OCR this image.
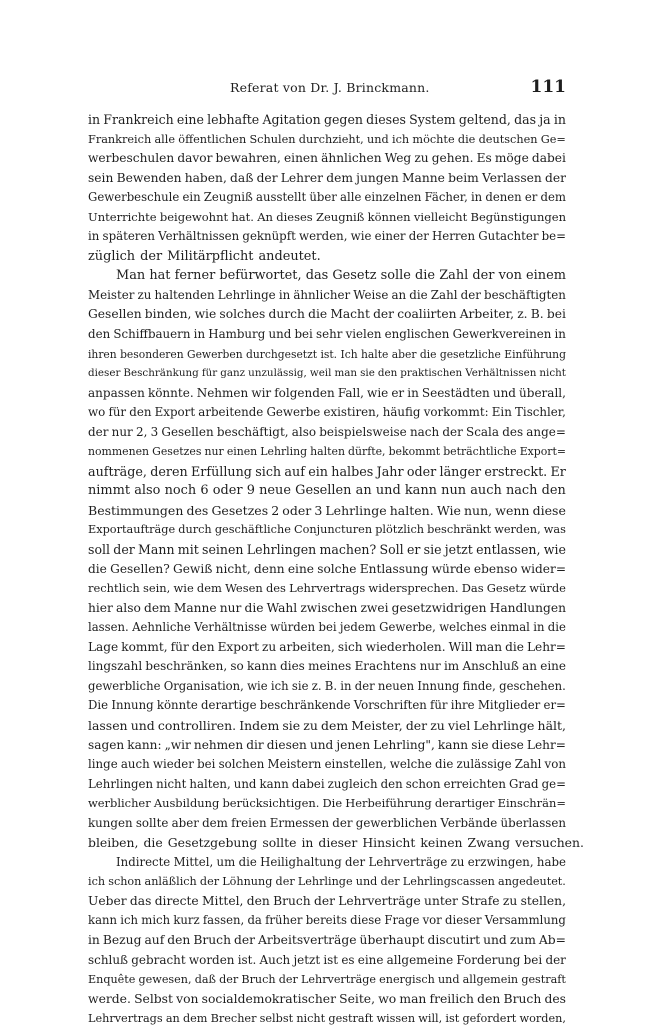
Referat von Dr. J. Brinckmann.	111
in Frankreich eine lebhafte Agitation gegen dieses System geltend, das ja in
Frankreich alle öffentlichen Schulen durchzieht, und ich möchte die deutschen Ge=
werbeschulen davor bewahren, einen ähnlichen Weg zu gehen. Es möge dabei
sein Bewenden haben, daß der Lehrer dem jungen Manne beim Verlassen der
Gewerbeschule ein Zeugniß ausstellt über alle einzelnen Fächer, in denen er dem
Unterrichte beigewohnt hat. An dieses Zeugniß können vielleicht Begünstigungen
in späteren Verhältnissen geknüpft werden, wie einer der Herren Gutachter be=
züglich der Militärpflicht andeutet.
Man hat ferner befürwortet, das Gesetz solle die Zahl der von einem
Meister zu haltenden Lehrlinge in ähnlicher Weise an die Zahl der beschäftigten
Gesellen binden, wie solches durch die Macht der coaliirten Arbeiter, z. B. bei
den Schiffbauern in Hamburg und bei sehr vielen englischen Gewerkvereinen in
ihren besonderen Gewerben durchgesetzt ist. Ich halte aber die gesetzliche Einführung
dieser Beschränkung für ganz unzulässig, weil man sie den praktischen Verhältnissen nicht
anpassen könnte. Nehmen wir folgenden Fall, wie er in Seestädten und überall,
wo für den Export arbeitende Gewerbe existiren, häufig vorkommt: Ein Tischler,
der nur 2, 3 Gesellen beschäftigt, also beispielsweise nach der Scala des ange=
nommenen Gesetzes nur einen Lehrling halten dürfte, bekommt beträchtliche Export=
aufträge, deren Erfüllung sich auf ein halbes Jahr oder länger erstreckt. Er
nimmt also noch 6 oder 9 neue Gesellen an und kann nun auch nach den
Bestimmungen des Gesetzes 2 oder 3 Lehrlinge halten. Wie nun, wenn diese
Exportaufträge durch geschäftliche Conjuncturen plötzlich beschränkt werden, was
soll der Mann mit seinen Lehrlingen machen? Soll er sie jetzt entlassen, wie
die Gesellen? Gewiß nicht, denn eine solche Entlassung würde ebenso wider=
rechtlich sein, wie dem Wesen des Lehrvertrags widersprechen. Das Gesetz würde
hier also dem Manne nur die Wahl zwischen zwei gesetzwidrigen Handlungen
lassen. Aehnliche Verhältnisse würden bei jedem Gewerbe, welches einmal in die
Lage kommt, für den Export zu arbeiten, sich wiederholen. Will man die Lehr=
lingszahl beschränken, so kann dies meines Erachtens nur im Anschluß an eine
gewerbliche Organisation, wie ich sie z. B. in der neuen Innung finde, geschehen.
Die Innung könnte derartige beschränkende Vorschriften für ihre Mitglieder er=
lassen und controlliren. Indem sie zu dem Meister, der zu viel Lehrlinge hält,
sagen kann: „wir nehmen dir diesen und jenen Lehrling", kann sie diese Lehr=
linge auch wieder bei solchen Meistern einstellen, welche die zulässige Zahl von
Lehrlingen nicht halten, und kann dabei zugleich den schon erreichten Grad ge=
werblicher Ausbildung berücksichtigen. Die Herbeiführung derartiger Einschrän=
kungen sollte aber dem freien Ermessen der gewerblichen Verbände überlassen
bleiben, die Gesetzgebung sollte in dieser Hinsicht keinen Zwang versuchen.
Indirecte Mittel, um die Heilighaltung der Lehrverträge zu erzwingen, habe
ich schon anläßlich der Löhnung der Lehrlinge und der Lehrlingscassen angedeutet.
Ueber das directe Mittel, den Bruch der Lehrverträge unter Strafe zu stellen,
kann ich mich kurz fassen, da früher bereits diese Frage vor dieser Versammlung
in Bezug auf den Bruch der Arbeitsverträge überhaupt discutirt und zum Ab=
schluß gebracht worden ist. Auch jetzt ist es eine allgemeine Forderung bei der
Enquête gewesen, daß der Bruch der Lehrverträge energisch und allgemein gestraft
werde. Selbst von socialdemokratischer Seite, wo man freilich den Bruch des
Lehrvertrags an dem Brecher selbst nicht gestraft wissen will, ist gefordert worden,
